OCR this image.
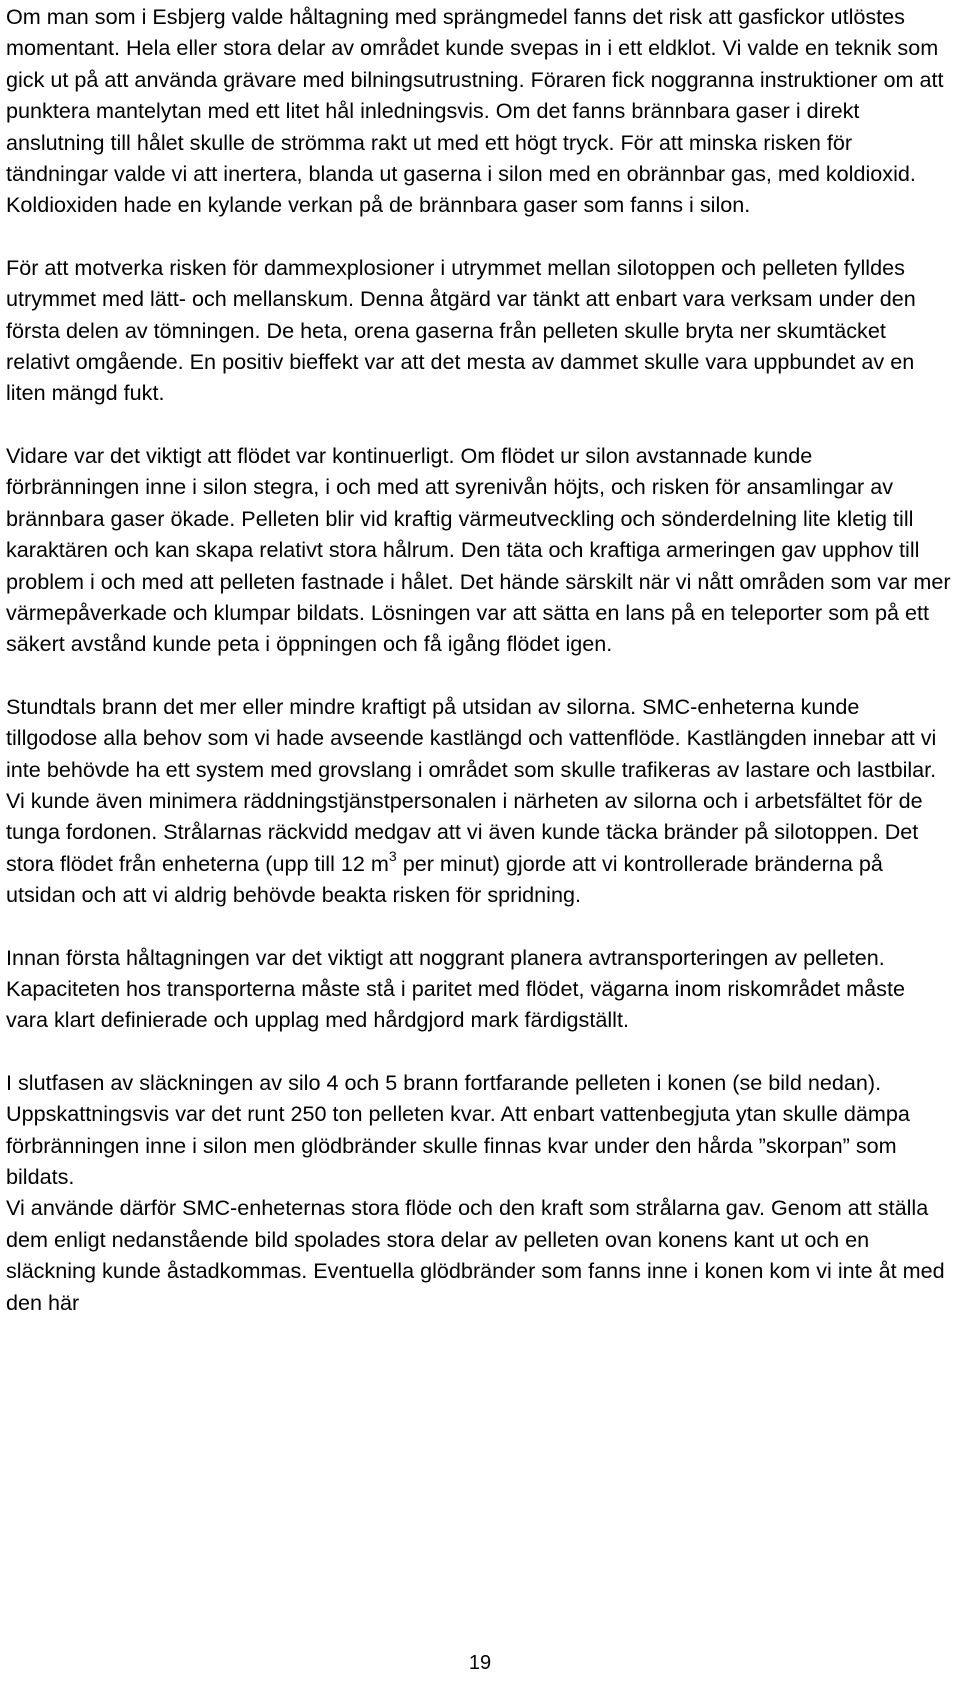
Om man som i Esbjerg valde håltagning med sprängmedel fanns det risk att gasfickor utlöstes momentant. Hela eller stora delar av området kunde svepas in i ett eldklot. Vi valde en teknik som gick ut på att använda grävare med bilningsutrustning. Föraren fick noggranna instruktioner om att punktera mantelytan med ett litet hål inledningsvis. Om det fanns brännbara gaser i direkt anslutning till hålet skulle de strömma rakt ut med ett högt tryck. För att minska risken för tändningar valde vi att inertera, blanda ut gaserna i silon med en obrännbar gas, med koldioxid. Koldioxiden hade en kylande verkan på de brännbara gaser som fanns i silon.

För att motverka risken för dammexplosioner i utrymmet mellan silotoppen och pelleten fylldes utrymmet med lätt- och mellanskum. Denna åtgärd var tänkt att enbart vara verksam under den första delen av tömningen. De heta, orena gaserna från pelleten skulle bryta ner skumtäcket relativt omgående. En positiv bieffekt var att det mesta av dammet skulle vara uppbundet av en liten mängd fukt.

Vidare var det viktigt att flödet var kontinuerligt. Om flödet ur silon avstannade kunde förbränningen inne i silon stegra, i och med att syrenivån höjts, och risken för ansamlingar av brännbara gaser ökade. Pelleten blir vid kraftig värmeutveckling och sönderdelning lite kletig till karaktären och kan skapa relativt stora hålrum. Den täta och kraftiga armeringen gav upphov till problem i och med att pelleten fastnade i hålet. Det hände särskilt när vi nått områden som var mer värmepåverkade och klumpar bildats. Lösningen var att sätta en lans på en teleporter som på ett säkert avstånd kunde peta i öppningen och få igång flödet igen.

Stundtals brann det mer eller mindre kraftigt på utsidan av silorna. SMC-enheterna kunde tillgodose alla behov som vi hade avseende kastlängd och vattenflöde. Kastlängden innebar att vi inte behövde ha ett system med grovslang i området som skulle trafikeras av lastare och lastbilar. Vi kunde även minimera räddningstjänstpersonalen i närheten av silorna och i arbetsfältet för de tunga fordonen. Strålarnas räckvidd medgav att vi även kunde täcka bränder på silotoppen. Det stora flödet från enheterna (upp till 12 $m^3$ per minut) gjorde att vi kontrollerade bränderna på utsidan och att vi aldrig behövde beakta risken för spridning.

Innan första håltagningen var det viktigt att noggrant planera avtransporteringen av pelleten. Kapaciteten hos transporterna måste stå i paritet med flödet, vägarna inom riskområdet måste vara klart definierade och upplag med hårdgjord mark färdigställt.

I slutfasen av släckningen av silo 4 och 5 brann fortfarande pelleten i konen (se bild nedan). Uppskattningsvis var det runt 250 ton pelleten kvar. Att enbart vattenbegjuta ytan skulle dämpa förbränningen inne i silon men glödbränder skulle finnas kvar under den hårda ”skorpan” som bildats.

Vi använde därför SMC-enheternas stora flöde och den kraft som strålarna gav. Genom att ställa dem enligt nedanstående bild spolades stora delar av pelleten ovan konens kant ut och en släckning kunde åstadkommas. Eventuella glödbränder som fanns inne i konen kom vi inte åt med den här

19
